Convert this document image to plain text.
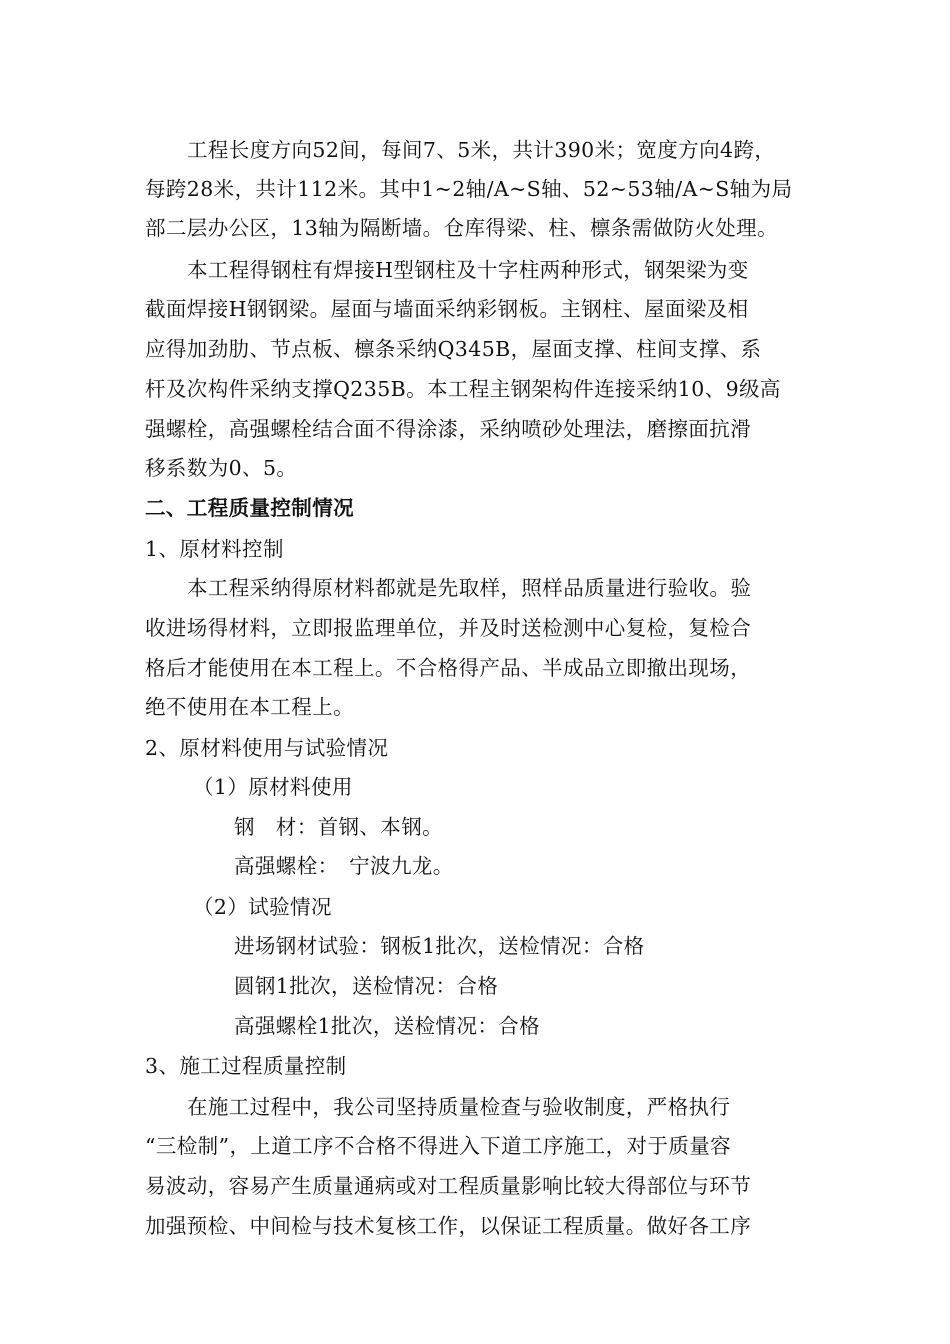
工程长度方向52间，每间7、5米，共计390米；宽度方向4跨，
每跨28米，共计112米。其中1~2轴/A~S轴、52~53轴/A~S轴为局
部二层办公区，13轴为隔断墙。仓库得梁、柱、檩条需做防火处理。
本工程得钢柱有焊接H型钢柱及十字柱两种形式，钢架梁为变
截面焊接H钢钢梁。屋面与墙面采纳彩钢板。主钢柱、屋面梁及相
应得加劲肋、节点板、檩条采纳Q345B，屋面支撑、柱间支撑、系
杆及次构件采纳支撑Q235B。本工程主钢架构件连接采纳10、9级高
强螺栓，高强螺栓结合面不得涂漆，采纳喷砂处理法，磨擦面抗滑
移系数为0、5。
二、工程质量控制情况
1、原材料控制
本工程采纳得原材料都就是先取样，照样品质量进行验收。验
收进场得材料，立即报监理单位，并及时送检测中心复检，复检合
格后才能使用在本工程上。不合格得产品、半成品立即撤出现场，
绝不使用在本工程上。
2、原材料使用与试验情况
（1）原材料使用
钢　材：首钢、本钢。
高强螺栓：　宁波九龙。
（2）试验情况
进场钢材试验：钢板1批次，送检情况：合格
圆钢1批次，送检情况：合格
高强螺栓1批次，送检情况：合格
3、施工过程质量控制
在施工过程中，我公司坚持质量检查与验收制度，严格执行
“三检制”，上道工序不合格不得进入下道工序施工，对于质量容
易波动，容易产生质量通病或对工程质量影响比较大得部位与环节
加强预检、中间检与技术复核工作，以保证工程质量。做好各工序
